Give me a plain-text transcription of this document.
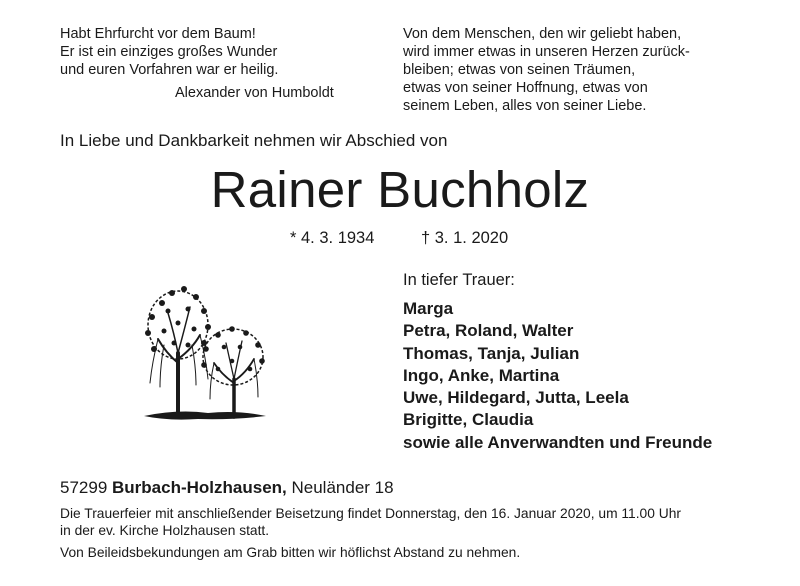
Habt Ehrfurcht vor dem Baum!
Er ist ein einziges großes Wunder
und euren Vorfahren war er heilig.
Alexander von Humboldt
Von dem Menschen, den wir geliebt haben,
wird immer etwas in unseren Herzen zurück-
bleiben; etwas von seinen Träumen,
etwas von seiner Hoffnung, etwas von
seinem Leben, alles von seiner Liebe.
In Liebe und Dankbarkeit nehmen wir Abschied von
Rainer Buchholz
* 4. 3. 1934	† 3. 1. 2020
In tiefer Trauer:
Marga
Petra, Roland, Walter
Thomas, Tanja, Julian
Ingo, Anke, Martina
Uwe, Hildegard, Jutta, Leela
Brigitte, Claudia
sowie alle Anverwandten und Freunde
57299 Burbach-Holzhausen, Neuländer 18
Die Trauerfeier mit anschließender Beisetzung findet Donnerstag, den 16. Januar 2020, um 11.00 Uhr
in der ev. Kirche Holzhausen statt.
Von Beileidsbekundungen am Grab bitten wir höflichst Abstand zu nehmen.
